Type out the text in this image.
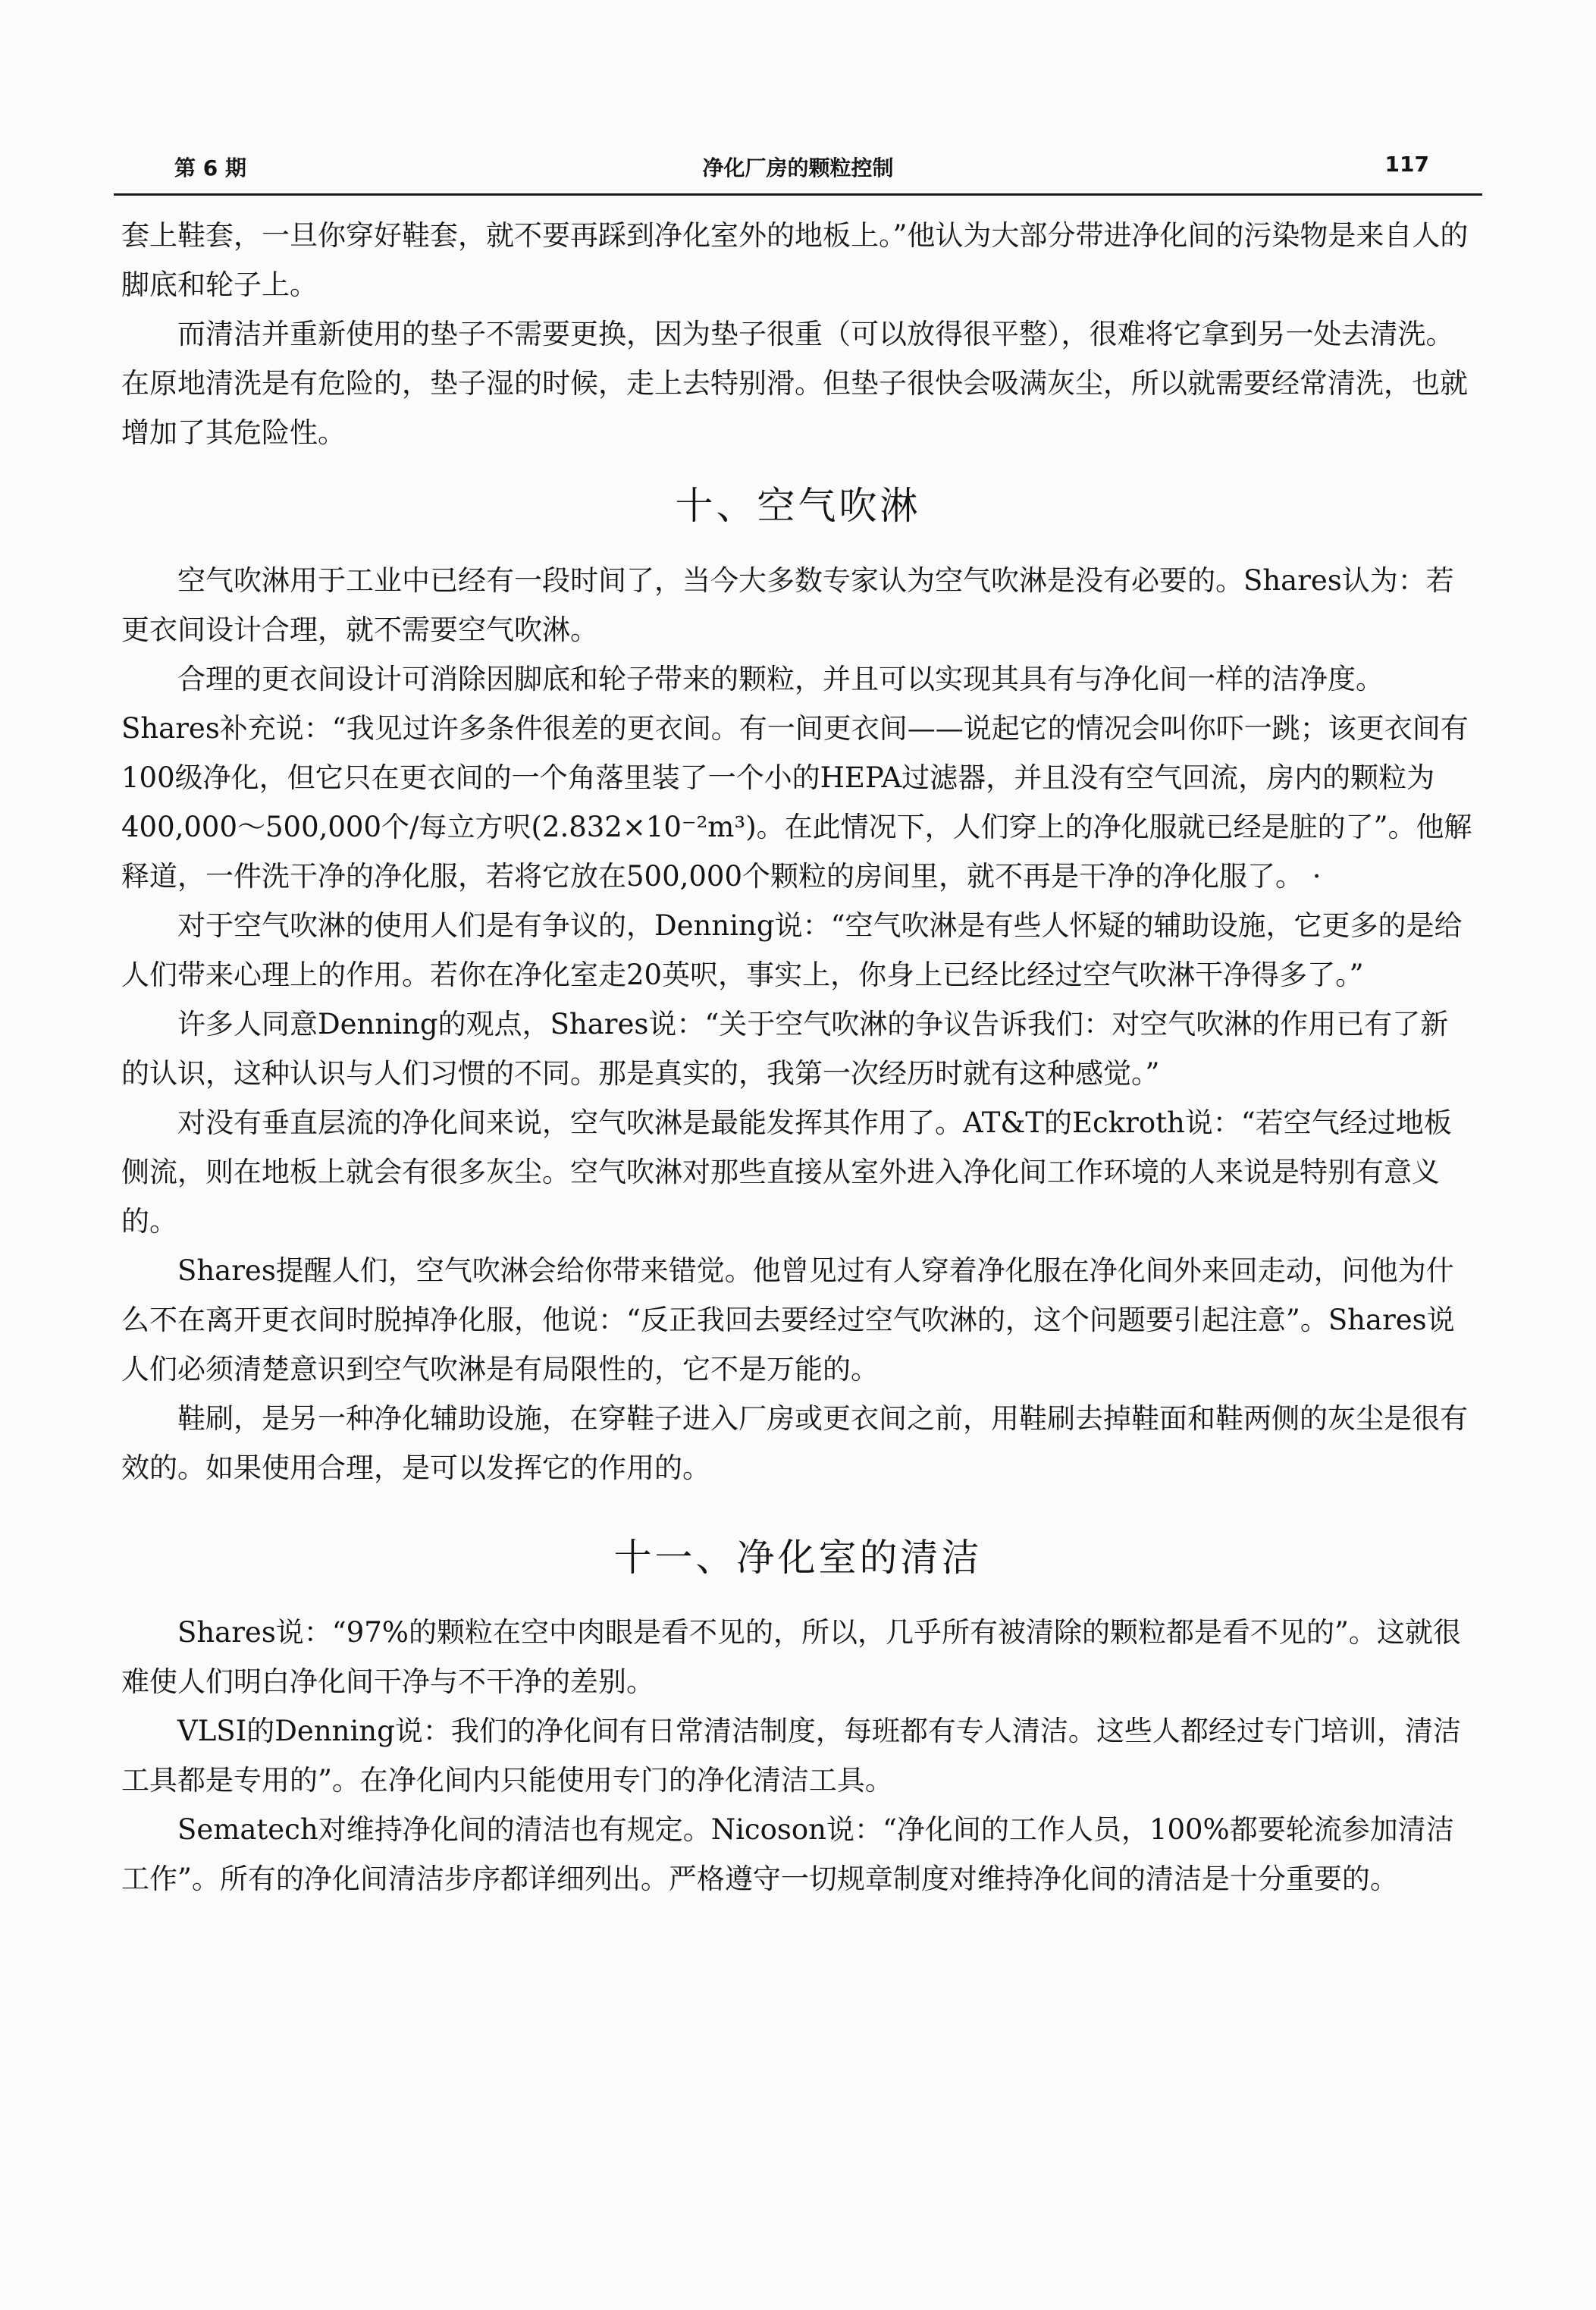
第 6 期	净化厂房的颗粒控制	117

套上鞋套，一旦你穿好鞋套，就不要再踩到净化室外的地板上。”他认为大部分带进净化间的污染物是来自人的脚底和轮子上。

而清洁并重新使用的垫子不需要更换，因为垫子很重（可以放得很平整），很难将它拿到另一处去清洗。在原地清洗是有危险的，垫子湿的时候，走上去特别滑。但垫子很快会吸满灰尘，所以就需要经常清洗，也就增加了其危险性。

十、空气吹淋

空气吹淋用于工业中已经有一段时间了，当今大多数专家认为空气吹淋是没有必要的。Shares认为：若更衣间设计合理，就不需要空气吹淋。

合理的更衣间设计可消除因脚底和轮子带来的颗粒，并且可以实现其具有与净化间一样的洁净度。Shares补充说：“我见过许多条件很差的更衣间。有一间更衣间——说起它的情况会叫你吓一跳；该更衣间有100级净化，但它只在更衣间的一个角落里装了一个小的HEPA过滤器，并且没有空气回流，房内的颗粒为400,000～500,000个/每立方呎(2.832×10⁻²m³)。在此情况下，人们穿上的净化服就已经是脏的了”。他解释道，一件洗干净的净化服，若将它放在500,000个颗粒的房间里，就不再是干净的净化服了。 ·

对于空气吹淋的使用人们是有争议的，Denning说：“空气吹淋是有些人怀疑的辅助设施，它更多的是给人们带来心理上的作用。若你在净化室走20英呎，事实上，你身上已经比经过空气吹淋干净得多了。”

许多人同意Denning的观点，Shares说：“关于空气吹淋的争议告诉我们：对空气吹淋的作用已有了新的认识，这种认识与人们习惯的不同。那是真实的，我第一次经历时就有这种感觉。”

对没有垂直层流的净化间来说，空气吹淋是最能发挥其作用了。AT&T的Eckroth说：“若空气经过地板侧流，则在地板上就会有很多灰尘。空气吹淋对那些直接从室外进入净化间工作环境的人来说是特别有意义的。

Shares提醒人们，空气吹淋会给你带来错觉。他曾见过有人穿着净化服在净化间外来回走动，问他为什么不在离开更衣间时脱掉净化服，他说：“反正我回去要经过空气吹淋的，这个问题要引起注意”。Shares说人们必须清楚意识到空气吹淋是有局限性的，它不是万能的。

鞋刷，是另一种净化辅助设施，在穿鞋子进入厂房或更衣间之前，用鞋刷去掉鞋面和鞋两侧的灰尘是很有效的。如果使用合理，是可以发挥它的作用的。

十一、净化室的清洁

Shares说：“97%的颗粒在空中肉眼是看不见的，所以，几乎所有被清除的颗粒都是看不见的”。这就很难使人们明白净化间干净与不干净的差别。

VLSI的Denning说：我们的净化间有日常清洁制度，每班都有专人清洁。这些人都经过专门培训，清洁工具都是专用的”。在净化间内只能使用专门的净化清洁工具。

Sematech对维持净化间的清洁也有规定。Nicoson说：“净化间的工作人员，100%都要轮流参加清洁工作”。所有的净化间清洁步序都详细列出。严格遵守一切规章制度对维持净化间的清洁是十分重要的。
